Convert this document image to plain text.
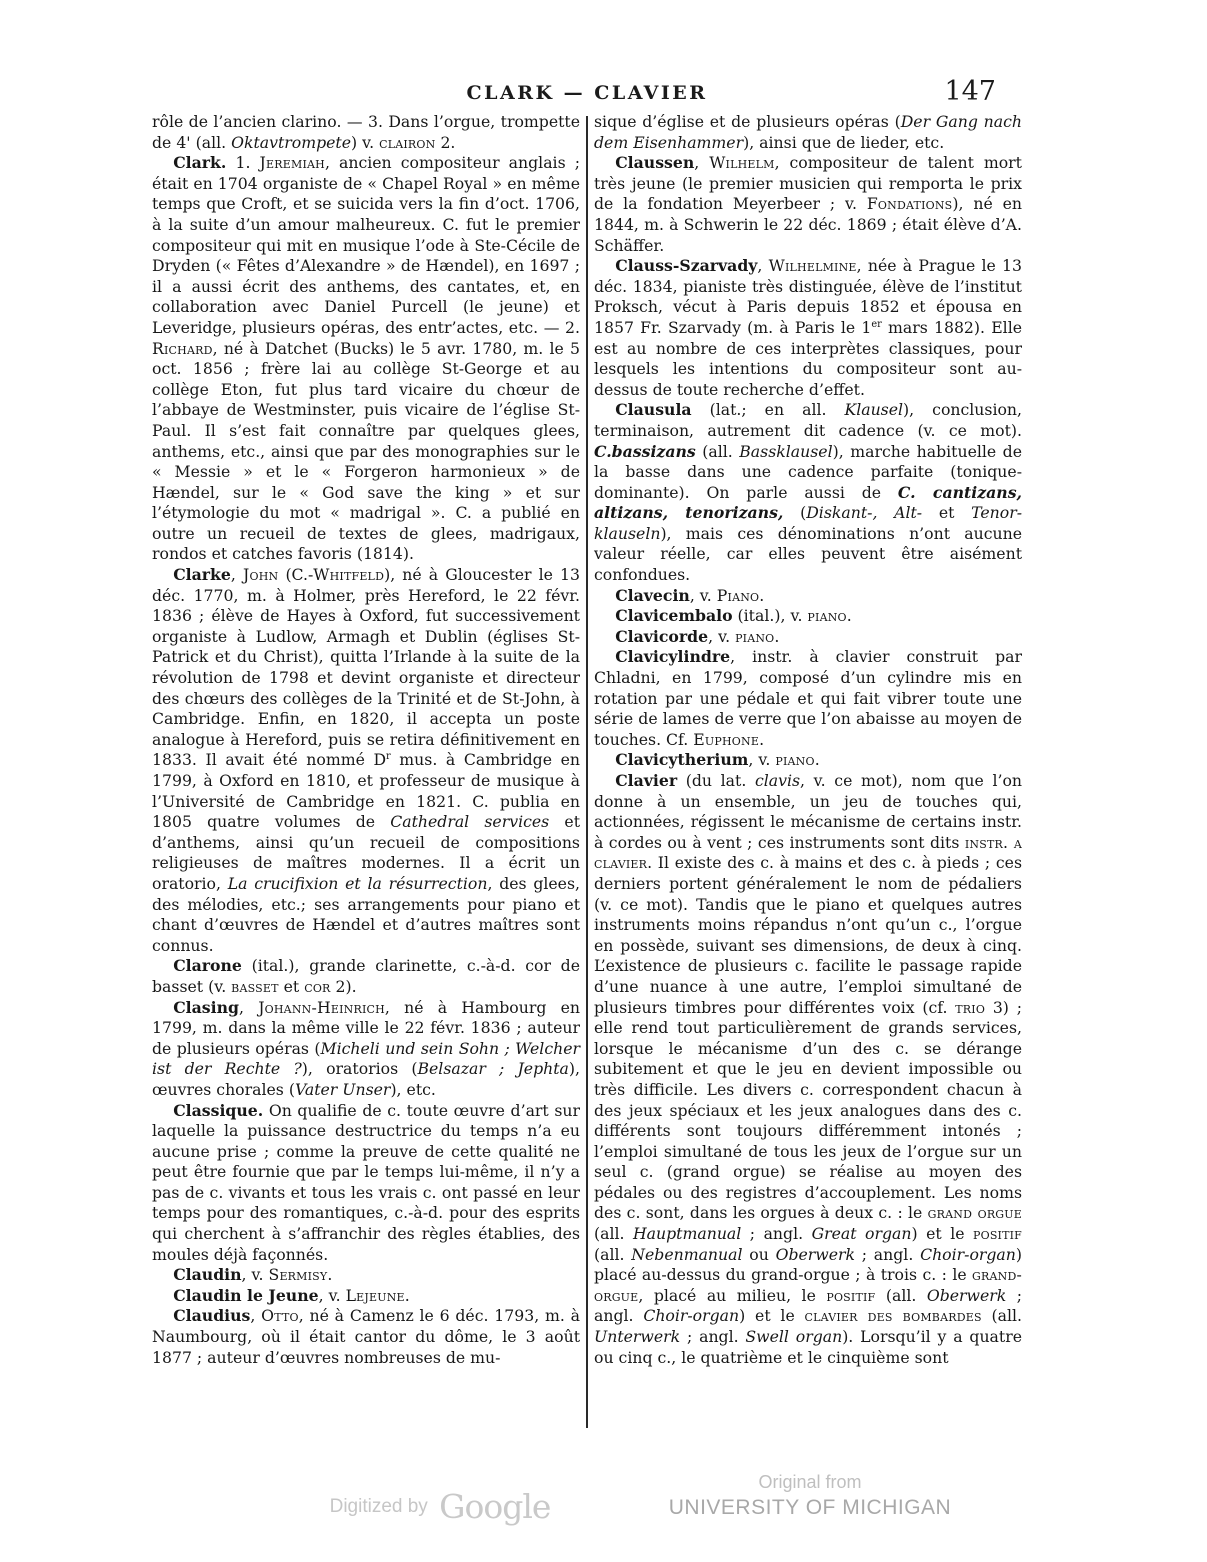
CLARK — CLAVIER	147

rôle de l’ancien clarino. — 3. Dans l’orgue, trompette de 4' (all. Oktavtrompete) v. clairon 2.

Clark. 1. Jeremiah, ancien compositeur anglais ; était en 1704 organiste de « Chapel Royal » en même temps que Croft, et se suicida vers la fin d’oct. 1706, à la suite d’un amour malheureux. C. fut le premier compositeur qui mit en musique l’ode à Ste-Cécile de Dryden (« Fêtes d’Alexandre » de Hændel), en 1697 ; il a aussi écrit des anthems, des cantates, et, en collaboration avec Daniel Purcell (le jeune) et Leveridge, plusieurs opéras, des entr’actes, etc. — 2. Richard, né à Datchet (Bucks) le 5 avr. 1780, m. le 5 oct. 1856 ; frère lai au collège St-George et au collège Eton, fut plus tard vicaire du chœur de l’abbaye de Westminster, puis vicaire de l’église St-Paul. Il s’est fait connaître par quelques glees, anthems, etc., ainsi que par des monographies sur le « Messie » et le « Forgeron harmonieux » de Hændel, sur le « God save the king » et sur l’étymologie du mot « madrigal ». C. a publié en outre un recueil de textes de glees, madrigaux, rondos et catches favoris (1814).

Clarke, John (C.-Whitfeld), né à Gloucester le 13 déc. 1770, m. à Holmer, près Hereford, le 22 févr. 1836 ; élève de Hayes à Oxford, fut successivement organiste à Ludlow, Armagh et Dublin (églises St-Patrick et du Christ), quitta l’Irlande à la suite de la révolution de 1798 et devint organiste et directeur des chœurs des collèges de la Trinité et de St-John, à Cambridge. Enfin, en 1820, il accepta un poste analogue à Hereford, puis se retira définitivement en 1833. Il avait été nommé $D^r$ mus. à Cambridge en 1799, à Oxford en 1810, et professeur de musique à l’Université de Cambridge en 1821. C. publia en 1805 quatre volumes de Cathedral services et d’anthems, ainsi qu’un recueil de compositions religieuses de maîtres modernes. Il a écrit un oratorio, La crucifixion et la résurrection, des glees, des mélodies, etc.; ses arrangements pour piano et chant d’œuvres de Hændel et d’autres maîtres sont connus.

Clarone (ital.), grande clarinette, c.-à-d. cor de basset (v. basset et cor 2).

Clasing, Johann-Heinrich, né à Hambourg en 1799, m. dans la même ville le 22 févr. 1836 ; auteur de plusieurs opéras (Micheli und sein Sohn ; Welcher ist der Rechte ?), oratorios (Belsazar ; Jephta), œuvres chorales (Vater Unser), etc.

Classique. On qualifie de c. toute œuvre d’art sur laquelle la puissance destructrice du temps n’a eu aucune prise ; comme la preuve de cette qualité ne peut être fournie que par le temps lui-même, il n’y a pas de c. vivants et tous les vrais c. ont passé en leur temps pour des romantiques, c.-à-d. pour des esprits qui cherchent à s’affranchir des règles établies, des moules déjà façonnés.

Claudin, v. Sermisy.

Claudin le Jeune, v. Lejeune.

Claudius, Otto, né à Camenz le 6 déc. 1793, m. à Naumbourg, où il était cantor du dôme, le 3 août 1877 ; auteur d’œuvres nombreuses de mu-

sique d’église et de plusieurs opéras (Der Gang nach dem Eisenhammer), ainsi que de lieder, etc.

Claussen, Wilhelm, compositeur de talent mort très jeune (le premier musicien qui remporta le prix de la fondation Meyerbeer ; v. Fondations), né en 1844, m. à Schwerin le 22 déc. 1869 ; était élève d’A. Schäffer.

Clauss-Szarvady, Wilhelmine, née à Prague le 13 déc. 1834, pianiste très distinguée, élève de l’institut Proksch, vécut à Paris depuis 1852 et épousa en 1857 Fr. Szarvady (m. à Paris le 1er mars 1882). Elle est au nombre de ces interprètes classiques, pour lesquels les intentions du compositeur sont au-dessus de toute recherche d’effet.

Clausula (lat.; en all. Klausel), conclusion, terminaison, autrement dit cadence (v. ce mot). C.bassizans (all. Bassklausel), marche habituelle de la basse dans une cadence parfaite (tonique-dominante). On parle aussi de C. cantizans, altizans, tenorizans, (Diskant-, Alt- et Tenor-klauseln), mais ces dénominations n’ont aucune valeur réelle, car elles peuvent être aisément confondues.

Clavecin, v. Piano.

Clavicembalo (ital.), v. piano.

Clavicorde, v. piano.

Clavicylindre, instr. à clavier construit par Chladni, en 1799, composé d’un cylindre mis en rotation par une pédale et qui fait vibrer toute une série de lames de verre que l’on abaisse au moyen de touches. Cf. Euphone.

Clavicytherium, v. piano.

Clavier (du lat. clavis, v. ce mot), nom que l’on donne à un ensemble, un jeu de touches qui, actionnées, régissent le mécanisme de certains instr. à cordes ou à vent ; ces instruments sont dits instr. a clavier. Il existe des c. à mains et des c. à pieds ; ces derniers portent généralement le nom de pédaliers (v. ce mot). Tandis que le piano et quelques autres instruments moins répandus n’ont qu’un c., l’orgue en possède, suivant ses dimensions, de deux à cinq. L’existence de plusieurs c. facilite le passage rapide d’une nuance à une autre, l’emploi simultané de plusieurs timbres pour différentes voix (cf. trio 3) ; elle rend tout particulièrement de grands services, lorsque le mécanisme d’un des c. se dérange subitement et que le jeu en devient impossible ou très difficile. Les divers c. correspondent chacun à des jeux spéciaux et les jeux analogues dans des c. différents sont toujours différemment intonés ; l’emploi simultané de tous les jeux de l’orgue sur un seul c. (grand orgue) se réalise au moyen des pédales ou des registres d’accouplement. Les noms des c. sont, dans les orgues à deux c. : le grand orgue (all. Hauptmanual ; angl. Great organ) et le positif (all. Nebenmanual ou Oberwerk ; angl. Choir-organ) placé au-dessus du grand-orgue ; à trois c. : le grand-orgue, placé au milieu, le positif (all. Oberwerk ; angl. Choir-organ) et le clavier des bombardes (all. Unterwerk ; angl. Swell organ). Lorsqu’il y a quatre ou cinq c., le quatrième et le cinquième sont

Digitized by Google
Original from
UNIVERSITY OF MICHIGAN
